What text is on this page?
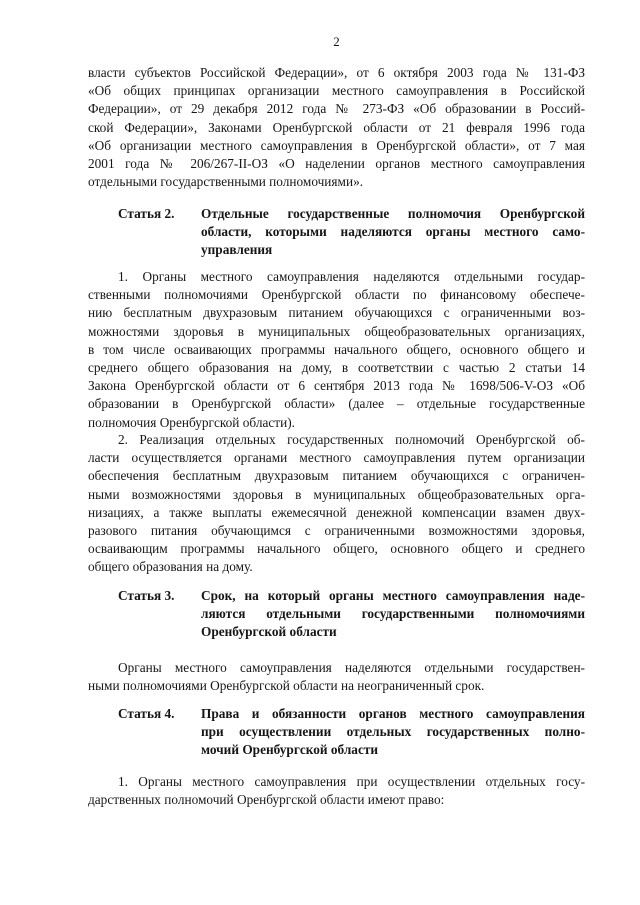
2
власти субъектов Российской Федерации», от 6 октября 2003 года № 131-ФЗ
«Об общих принципах организации местного самоуправления в Российской
Федерации», от 29 декабря 2012 года № 273-ФЗ «Об образовании в Россий-
ской Федерации», Законами Оренбургской области от 21 февраля 1996 года
«Об организации местного самоуправления в Оренбургской области», от 7 мая
2001 года № 206/267-II-ОЗ «О наделении органов местного самоуправления
отдельными государственными полномочиями».
Статья 2. Отдельные государственные полномочия Оренбургской
области, которыми наделяются органы местного само-
управления
1. Органы местного самоуправления наделяются отдельными государ-
ственными полномочиями Оренбургской области по финансовому обеспече-
нию бесплатным двухразовым питанием обучающихся с ограниченными воз-
можностями здоровья в муниципальных общеобразовательных организациях,
в том числе осваивающих программы начального общего, основного общего и
среднего общего образования на дому, в соответствии с частью 2 статьи 14
Закона Оренбургской области от 6 сентября 2013 года № 1698/506-V-ОЗ «Об
образовании в Оренбургской области» (далее – отдельные государственные
полномочия Оренбургской области).
2. Реализация отдельных государственных полномочий Оренбургской об-
ласти осуществляется органами местного самоуправления путем организации
обеспечения бесплатным двухразовым питанием обучающихся с ограничен-
ными возможностями здоровья в муниципальных общеобразовательных орга-
низациях, а также выплаты ежемесячной денежной компенсации взамен двух-
разового питания обучающимся с ограниченными возможностями здоровья,
осваивающим программы начального общего, основного общего и среднего
общего образования на дому.
Статья 3. Срок, на который органы местного самоуправления наде-
ляются отдельными государственными полномочиями
Оренбургской области
Органы местного самоуправления наделяются отдельными государствен-
ными полномочиями Оренбургской области на неограниченный срок.
Статья 4. Права и обязанности органов местного самоуправления
при осуществлении отдельных государственных полно-
мочий Оренбургской области
1. Органы местного самоуправления при осуществлении отдельных госу-
дарственных полномочий Оренбургской области имеют право:
